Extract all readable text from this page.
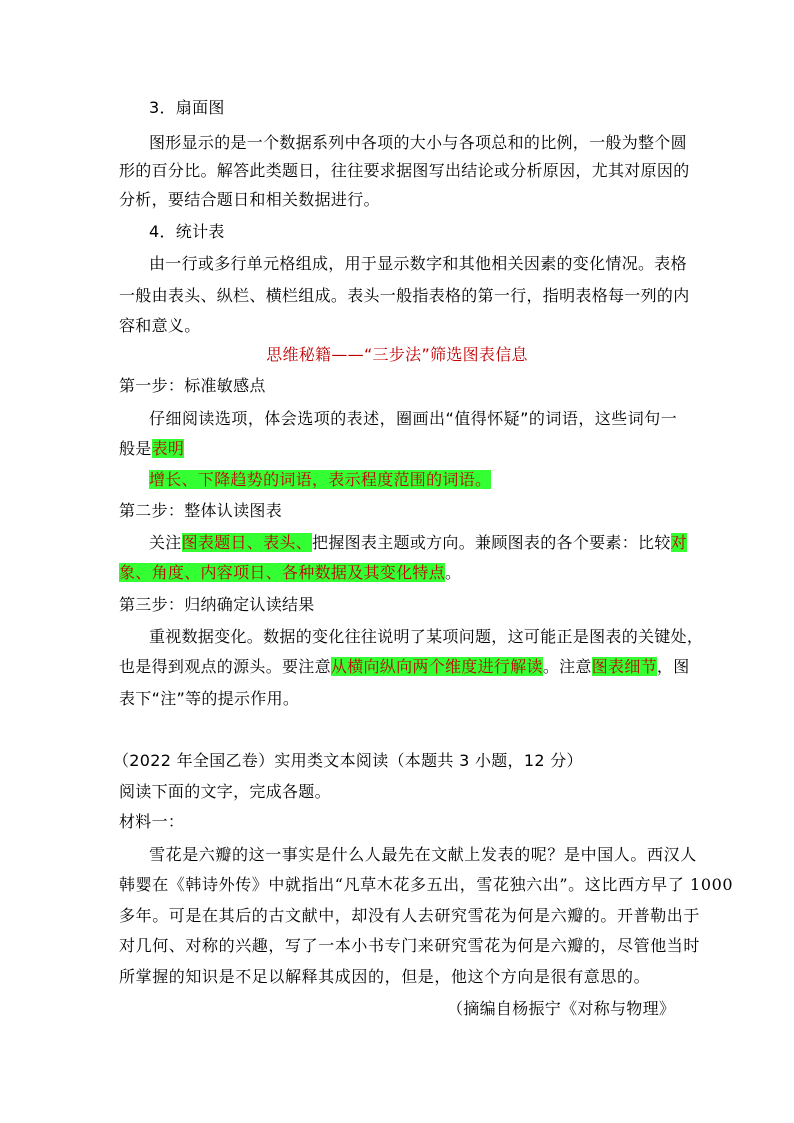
3．扇面图
图形显示的是一个数据系列中各项的大小与各项总和的比例，一般为整个圆
形的百分比。解答此类题日，往往要求据图写出结论或分析原因，尤其对原因的
分析，要结合题日和相关数据进行。
4．统计表
由一行或多行单元格组成，用于显示数字和其他相关因素的变化情况。表格
一般由表头、纵栏、横栏组成。表头一般指表格的第一行，指明表格每一列的内
容和意义。
思维秘籍——“三步法”筛选图表信息
第一步：标准敏感点
仔细阅读选项，体会选项的表述，圈画出“值得怀疑”的词语，这些词句一
般是表明
增长、下降趋势的词语，表示程度范围的词语。
第二步：整体认读图表
关注图表题日、表头、把握图表主题或方向。兼顾图表的各个要素：比较对
象、角度、内容项日、各种数据及其变化特点。
第三步：归纳确定认读结果
重视数据变化。数据的变化往往说明了某项问题，这可能正是图表的关键处，
也是得到观点的源头。要注意从横向纵向两个维度进行解读。注意图表细节，图
表下“注”等的提示作用。
（2022 年全国乙卷）实用类文本阅读（本题共 3 小题，12 分）
阅读下面的文字，完成各题。
材料一：
雪花是六瓣的这一事实是什么人最先在文献上发表的呢？是中国人。西汉人
韩婴在《韩诗外传》中就指出“凡草木花多五出，雪花独六出”。这比西方早了 1000
多年。可是在其后的古文献中，却没有人去研究雪花为何是六瓣的。开普勒出于
对几何、对称的兴趣，写了一本小书专门来研究雪花为何是六瓣的，尽管他当时
所掌握的知识是不足以解释其成因的，但是，他这个方向是很有意思的。
（摘编自杨振宁《对称与物理》
